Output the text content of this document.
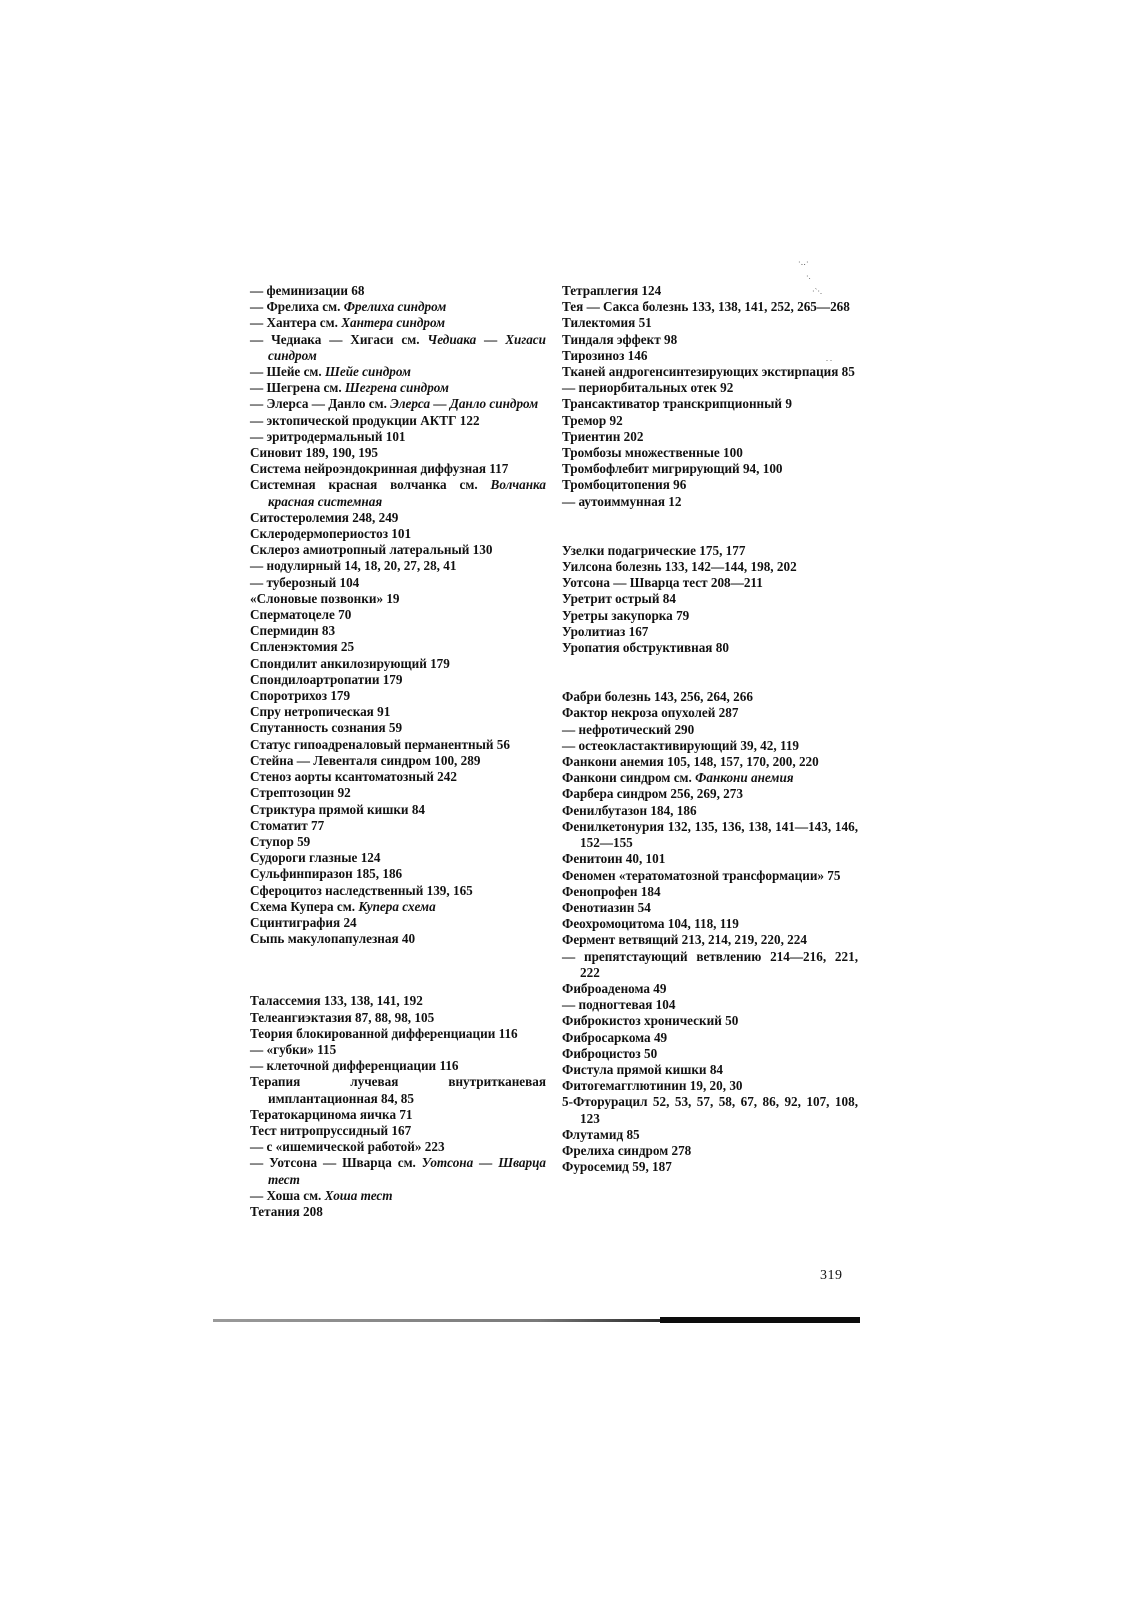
— феминизации 68

— Фрелиха см. Фрелиха синдром

— Хантера см. Хантера синдром

— Чедиака — Хигаси см. Чедиака — Хигаси синдром

— Шейе см. Шейе синдром

— Шегрена см. Шегрена синдром

— Элерса — Данло см. Элерса — Данло синдром

— эктопической продукции АКТГ 122

— эритродермальный 101

Синовит 189, 190, 195

Система нейроэндокринная диффузная 117

Системная красная волчанка см. Волчанка красная системная

Ситостеролемия 248, 249

Склеродермопериостоз 101

Склероз амиотропный латеральный 130

— нодулирный 14, 18, 20, 27, 28, 41

— туберозный 104

«Слоновые позвонки» 19

Сперматоцеле 70

Спермидин 83

Спленэктомия 25

Спондилит анкилозирующий 179

Спондилоартропатии 179

Споротрихоз 179

Спру нетропическая 91

Спутанность сознания 59

Статус гипоадреналовый перманентный 56

Стейна — Левенталя синдром 100, 289

Стеноз аорты ксантоматозный 242

Стрептозоцин 92

Стриктура прямой кишки 84

Стоматит 77

Ступор 59

Судороги глазные 124

Сульфинпиразон 185, 186

Сфероцитоз наследственный 139, 165

Схема Купера см. Купера схема

Сцинтиграфия 24

Сыпь макулопапулезная 40

Талассемия 133, 138, 141, 192

Телеангиэктазия 87, 88, 98, 105

Теория блокированной дифференциации 116

— «губки» 115

— клеточной дифференциации 116

Терапия лучевая внутритканевая имплантационная 84, 85

Тератокарцинома яичка 71

Тест нитропруссидный 167

— с «ишемической работой» 223

— Уотсона — Шварца см. Уотсона — Шварца тест

— Хоша см. Хоша тест

Тетания 208

Тетраплегия 124

Тея — Сакса болезнь 133, 138, 141, 252, 265—268

Тилектомия 51

Тиндаля эффект 98

Тирозиноз 146

Тканей андрогенсинтезирующих экстирпация 85

— периорбитальных отек 92

Трансактиватор транскрипционный 9

Тремор 92

Триентин 202

Тромбозы множественные 100

Тромбофлебит мигрирующий 94, 100

Тромбоцитопения 96

— аутоиммунная 12

Узелки подагрические 175, 177

Уилсона болезнь 133, 142—144, 198, 202

Уотсона — Шварца тест 208—211

Уретрит острый 84

Уретры закупорка 79

Уролитиаз 167

Уропатия обструктивная 80

Фабри болезнь 143, 256, 264, 266

Фактор некроза опухолей 287

— нефротический 290

— остеокластактивирующий 39, 42, 119

Фанкони анемия 105, 148, 157, 170, 200, 220

Фанкони синдром см. Фанкони анемия

Фарбера синдром 256, 269, 273

Фенилбутазон 184, 186

Фенилкетонурия 132, 135, 136, 138, 141—143, 146, 152—155

Фенитоин 40, 101

Феномен «тератоматозной трансформации» 75

Фенопрофен 184

Фенотиазин 54

Феохромоцитома 104, 118, 119

Фермент ветвящий 213, 214, 219, 220, 224

— препятстаующий ветвлению 214—216, 221, 222

Фиброаденома 49

— подногтевая 104

Фиброкистоз хронический 50

Фибросаркома 49

Фиброцистоз 50

Фистула прямой кишки 84

Фитогемагглютинин 19, 20, 30

5-Фторурацил 52, 53, 57, 58, 67, 86, 92, 107, 108, 123

Флутамид 85

Фрелиха синдром 278

Фуросемид 59, 187

319
·‥·
·.
·`·.
. .
